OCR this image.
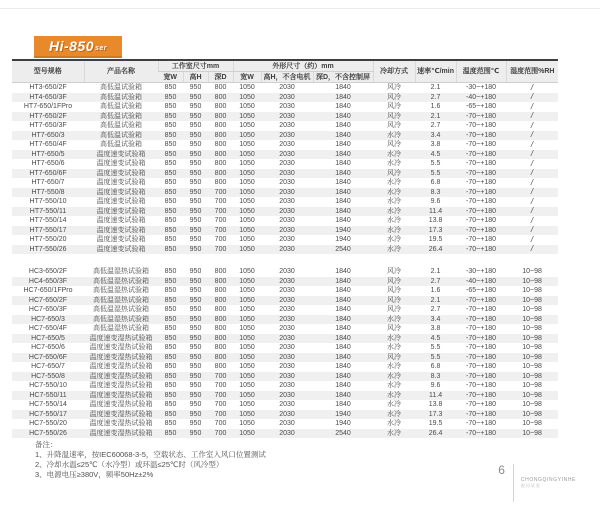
Hi-850 ser
型号规格	产品名称	工作室尺寸mm			外形尺寸（约）mm			冷却方式	速率℃/min	温度范围℃	湿度范围%RH
		宽W	高H	深D	宽W	高H，不含电机	深D，不含控制屏				
HT3-650/2F	高低温试验箱	850	950	800	1050	2030	1840	风冷	2.1	-30~+180	/
HT4-650/3F	高低温试验箱	850	950	800	1050	2030	1840	风冷	2.7	-40~+180	/
HT7-650/1FPro	高低温试验箱	850	950	800	1050	2030	1840	风冷	1.6	-65~+180	/
HT7-650/2F	高低温试验箱	850	950	800	1050	2030	1840	风冷	2.1	-70~+180	/
HT7-650/3F	高低温试验箱	850	950	800	1050	2030	1840	风冷	2.7	-70~+180	/
HT7-650/3	高低温试验箱	850	950	800	1050	2030	1840	水冷	3.4	-70~+180	/
HT7-650/4F	高低温试验箱	850	950	800	1050	2030	1840	风冷	3.8	-70~+180	/
HT7-650/5	温度速变试验箱	850	950	800	1050	2030	1840	水冷	4.5	-70~+180	/
HT7-650/6	温度速变试验箱	850	950	800	1050	2030	1840	水冷	5.5	-70~+180	/
HT7-650/6F	温度速变试验箱	850	950	800	1050	2030	1840	风冷	5.5	-70~+180	/
HT7-650/7	温度速变试验箱	850	950	800	1050	2030	1840	水冷	6.8	-70~+180	/
HT7-550/8	温度速变试验箱	850	950	700	1050	2030	1840	水冷	8.3	-70~+180	/
HT7-550/10	温度速变试验箱	850	950	700	1050	2030	1840	水冷	9.6	-70~+180	/
HT7-550/11	温度速变试验箱	850	950	700	1050	2030	1840	水冷	11.4	-70~+180	/
HT7-550/14	温度速变试验箱	850	950	700	1050	2030	1840	水冷	13.8	-70~+180	/
HT7-550/17	温度速变试验箱	850	950	700	1050	2030	1940	水冷	17.3	-70~+180	/
HT7-550/20	温度速变试验箱	850	950	700	1050	2030	1940	水冷	19.5	-70~+180	/
HT7-550/26	温度速变试验箱	850	950	700	1050	2030	2540	水冷	26.4	-70~+180	/

HC3-650/2F	高低温湿热试验箱	850	950	800	1050	2030	1840	风冷	2.1	-30~+180	10~98
HC4-650/3F	高低温湿热试验箱	850	950	800	1050	2030	1840	风冷	2.7	-40~+180	10~98
HC7-650/1FPro	高低温湿热试验箱	850	950	800	1050	2030	1840	风冷	1.6	-65~+180	10~98
HC7-650/2F	高低温湿热试验箱	850	950	800	1050	2030	1840	风冷	2.1	-70~+180	10~98
HC7-650/3F	高低温湿热试验箱	850	950	800	1050	2030	1840	风冷	2.7	-70~+180	10~98
HC7-650/3	高低温湿热试验箱	850	950	800	1050	2030	1840	水冷	3.4	-70~+180	10~98
HC7-650/4F	高低温湿热试验箱	850	950	800	1050	2030	1840	风冷	3.8	-70~+180	10~98
HC7-650/5	温度速变湿热试验箱	850	950	800	1050	2030	1840	水冷	4.5	-70~+180	10~98
HC7-650/6	温度速变湿热试验箱	850	950	800	1050	2030	1840	水冷	5.5	-70~+180	10~98
HC7-650/6F	温度速变湿热试验箱	850	950	800	1050	2030	1840	风冷	5.5	-70~+180	10~98
HC7-650/7	温度速变湿热试验箱	850	950	800	1050	2030	1840	水冷	6.8	-70~+180	10~98
HC7-550/8	温度速变湿热试验箱	850	950	700	1050	2030	1840	水冷	8.3	-70~+180	10~98
HC7-550/10	温度速变湿热试验箱	850	950	700	1050	2030	1840	水冷	9.6	-70~+180	10~98
HC7-550/11	温度速变湿热试验箱	850	950	700	1050	2030	1840	水冷	11.4	-70~+180	10~98
HC7-550/14	温度速变湿热试验箱	850	950	700	1050	2030	1840	水冷	13.8	-70~+180	10~98
HC7-550/17	温度速变湿热试验箱	850	950	700	1050	2030	1940	水冷	17.3	-70~+180	10~98
HC7-550/20	温度速变湿热试验箱	850	950	700	1050	2030	1940	水冷	19.5	-70~+180	10~98
HC7-550/26	温度速变湿热试验箱	850	950	700	1050	2030	2540	水冷	26.4	-70~+180	10~98
备注：
1、升降温速率，按IEC60068-3-5，空载状态、工作室入风口位置测试
2、冷却水温≤25℃（水冷型）或环温≤25℃时（风冷型）
3、电源电压≥380V，频率50Hz±2%	6
CHONGQINGYINHE
银河试验
